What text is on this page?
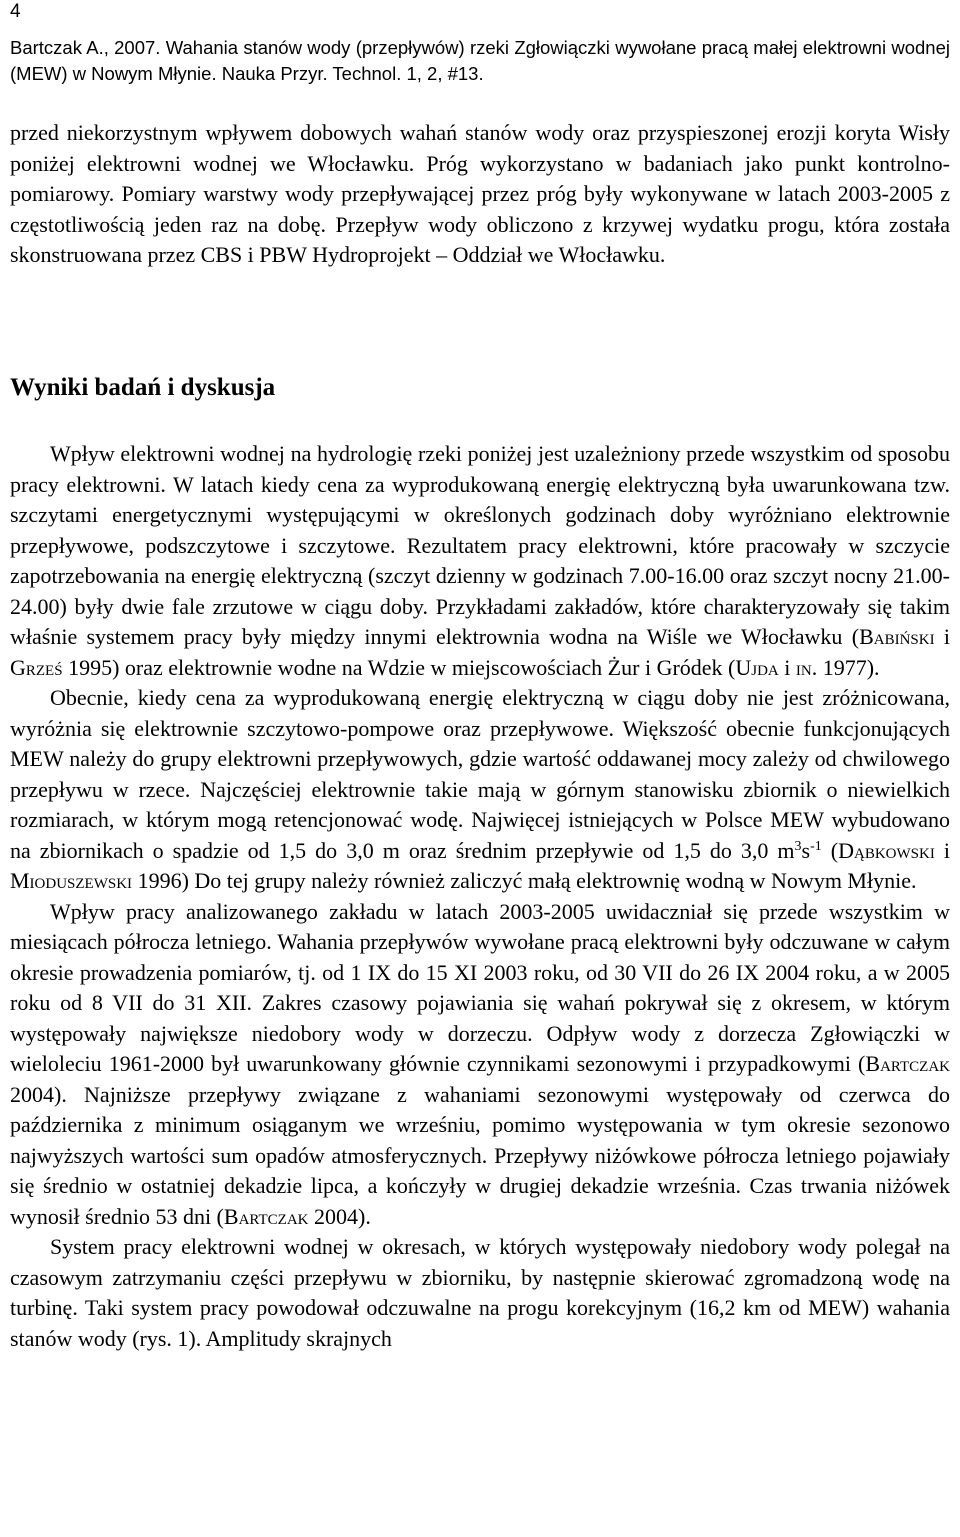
4
Bartczak A., 2007. Wahania stanów wody (przepływów) rzeki Zgłowiączki wywołane pracą małej elektrowni wodnej (MEW) w Nowym Młynie. Nauka Przyr. Technol. 1, 2, #13.

przed niekorzystnym wpływem dobowych wahań stanów wody oraz przyspieszonej erozji koryta Wisły poniżej elektrowni wodnej we Włocławku. Próg wykorzystano w badaniach jako punkt kontrolno-pomiarowy. Pomiary warstwy wody przepływającej przez próg były wykonywane w latach 2003-2005 z częstotliwością jeden raz na dobę. Przepływ wody obliczono z krzywej wydatku progu, która została skonstruowana przez CBS i PBW Hydroprojekt – Oddział we Włocławku.

Wyniki badań i dyskusja

Wpływ elektrowni wodnej na hydrologię rzeki poniżej jest uzależniony przede wszystkim od sposobu pracy elektrowni. W latach kiedy cena za wyprodukowaną energię elektryczną była uwarunkowana tzw. szczytami energetycznymi występującymi w określonych godzinach doby wyróżniano elektrownie przepływowe, podszczytowe i szczytowe. Rezultatem pracy elektrowni, które pracowały w szczycie zapotrzebowania na energię elektryczną (szczyt dzienny w godzinach 7.00-16.00 oraz szczyt nocny 21.00-24.00) były dwie fale zrzutowe w ciągu doby. Przykładami zakładów, które charakteryzowały się takim właśnie systemem pracy były między innymi elektrownia wodna na Wiśle we Włocławku (Babiński i Grześ 1995) oraz elektrownie wodne na Wdzie w miejscowościach Żur i Gródek (Ujda i in. 1977).

Obecnie, kiedy cena za wyprodukowaną energię elektryczną w ciągu doby nie jest zróżnicowana, wyróżnia się elektrownie szczytowo-pompowe oraz przepływowe. Większość obecnie funkcjonujących MEW należy do grupy elektrowni przepływowych, gdzie wartość oddawanej mocy zależy od chwilowego przepływu w rzece. Najczęściej elektrownie takie mają w górnym stanowisku zbiornik o niewielkich rozmiarach, w którym mogą retencjonować wodę. Najwięcej istniejących w Polsce MEW wybudowano na zbiornikach o spadzie od 1,5 do 3,0 m oraz średnim przepływie od 1,5 do 3,0 $m^3s^{-1}$ (Dąbkowski i Mioduszewski 1996) Do tej grupy należy również zaliczyć małą elektrownię wodną w Nowym Młynie.

Wpływ pracy analizowanego zakładu w latach 2003-2005 uwidaczniał się przede wszystkim w miesiącach półrocza letniego. Wahania przepływów wywołane pracą elektrowni były odczuwane w całym okresie prowadzenia pomiarów, tj. od 1 IX do 15 XI 2003 roku, od 30 VII do 26 IX 2004 roku, a w 2005 roku od 8 VII do 31 XII. Zakres czasowy pojawiania się wahań pokrywał się z okresem, w którym występowały największe niedobory wody w dorzeczu. Odpływ wody z dorzecza Zgłowiączki w wieloleciu 1961-2000 był uwarunkowany głównie czynnikami sezonowymi i przypadkowymi (Bartczak 2004). Najniższe przepływy związane z wahaniami sezonowymi występowały od czerwca do października z minimum osiąganym we wrześniu, pomimo występowania w tym okresie sezonowo najwyższych wartości sum opadów atmosferycznych. Przepływy niżówkowe półrocza letniego pojawiały się średnio w ostatniej dekadzie lipca, a kończyły w drugiej dekadzie września. Czas trwania niżówek wynosił średnio 53 dni (Bartczak 2004).

System pracy elektrowni wodnej w okresach, w których występowały niedobory wody polegał na czasowym zatrzymaniu części przepływu w zbiorniku, by następnie skierować zgromadzoną wodę na turbinę. Taki system pracy powodował odczuwalne na progu korekcyjnym (16,2 km od MEW) wahania stanów wody (rys. 1). Amplitudy skrajnych
